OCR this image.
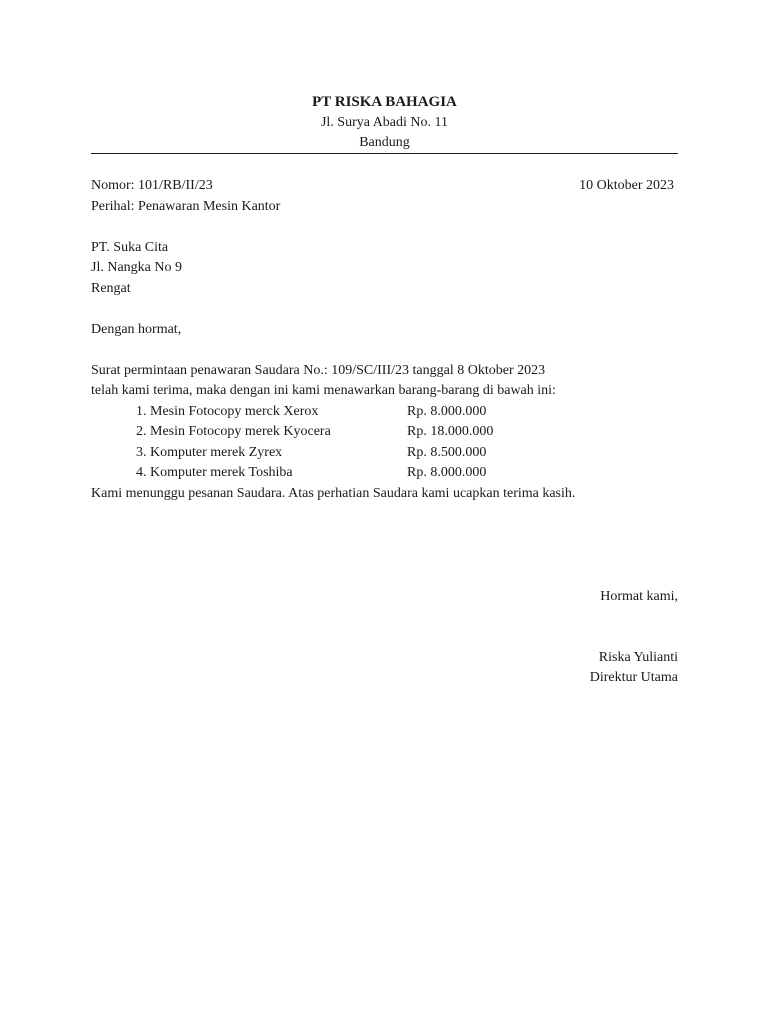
PT RISKA BAHAGIA
Jl. Surya Abadi No. 11
Bandung
Nomor: 101/RB/II/23	10 Oktober 2023
Perihal: Penawaran Mesin Kantor
PT. Suka Cita
Jl. Nangka No 9
Rengat
Dengan hormat,
Surat permintaan penawaran Saudara No.: 109/SC/III/23 tanggal 8 Oktober 2023
telah kami terima, maka dengan ini kami menawarkan barang-barang di bawah ini:
1. Mesin Fotocopy merck Xerox	Rp. 8.000.000
2. Mesin Fotocopy merek Kyocera	Rp. 18.000.000
3. Komputer merek Zyrex	Rp. 8.500.000
4. Komputer merek Toshiba	Rp. 8.000.000
Kami menunggu pesanan Saudara. Atas perhatian Saudara kami ucapkan terima kasih.
Hormat kami,
Riska Yulianti
Direktur Utama
